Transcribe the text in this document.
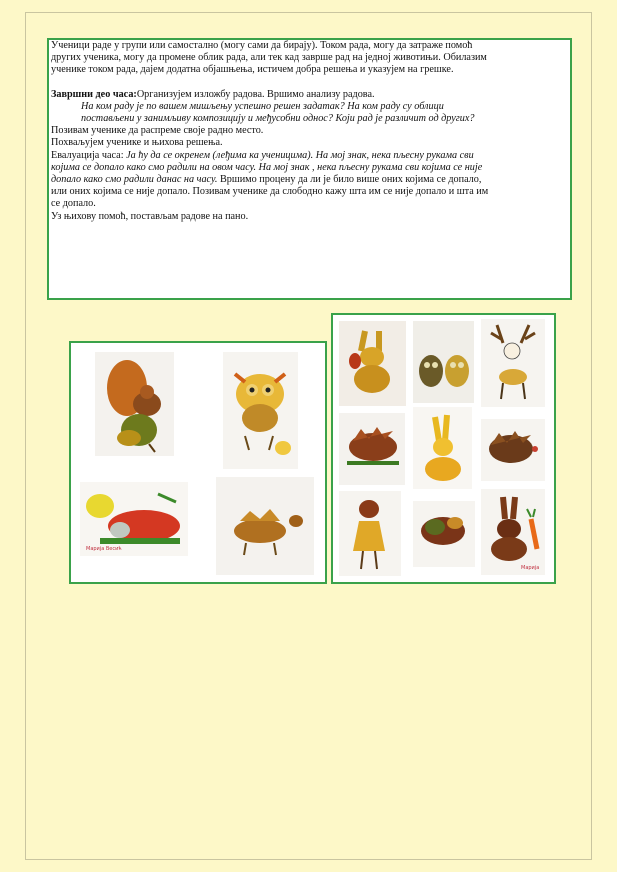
Ученици раде у групи или самостално (могу сами да бирају). Током рада, могу да затраже помоћ других ученика, могу да промене облик рада, али тек кад заврше рад на једној животињи. Обилазим ученике током рада, дајем додатна објашњења, истичем добра решења и указујем на грешке.

Завршни део часа:Организујем изложбу радова. Вршимо анализу радова.

На ком раду је по вашем мишљењу успешно решен задатак? На ком раду су облици постављени у занимљиву композицију и међусобни однос? Који рад је различит од других?

Позивам ученике да распреме своје радно место.

Похваљујем ученике и њихова решења.

Евалуација часа: Ја ћу да се окренем (леђима ка ученицима). На мој знак, нека пљесну рукама сви којима се допало како смо радили на овом часу. На мој знак , нека пљесну рукама сви којима се није допало како смо радили данас на часу. Вршимо процену да ли је било више оних којима се допало, или оних којима се није допало. Позивам ученике да слободно кажу шта им се није допало и шта им се допало.

Уз њихову помоћ, постављам радове на пано.

Марија Весић
Марија
